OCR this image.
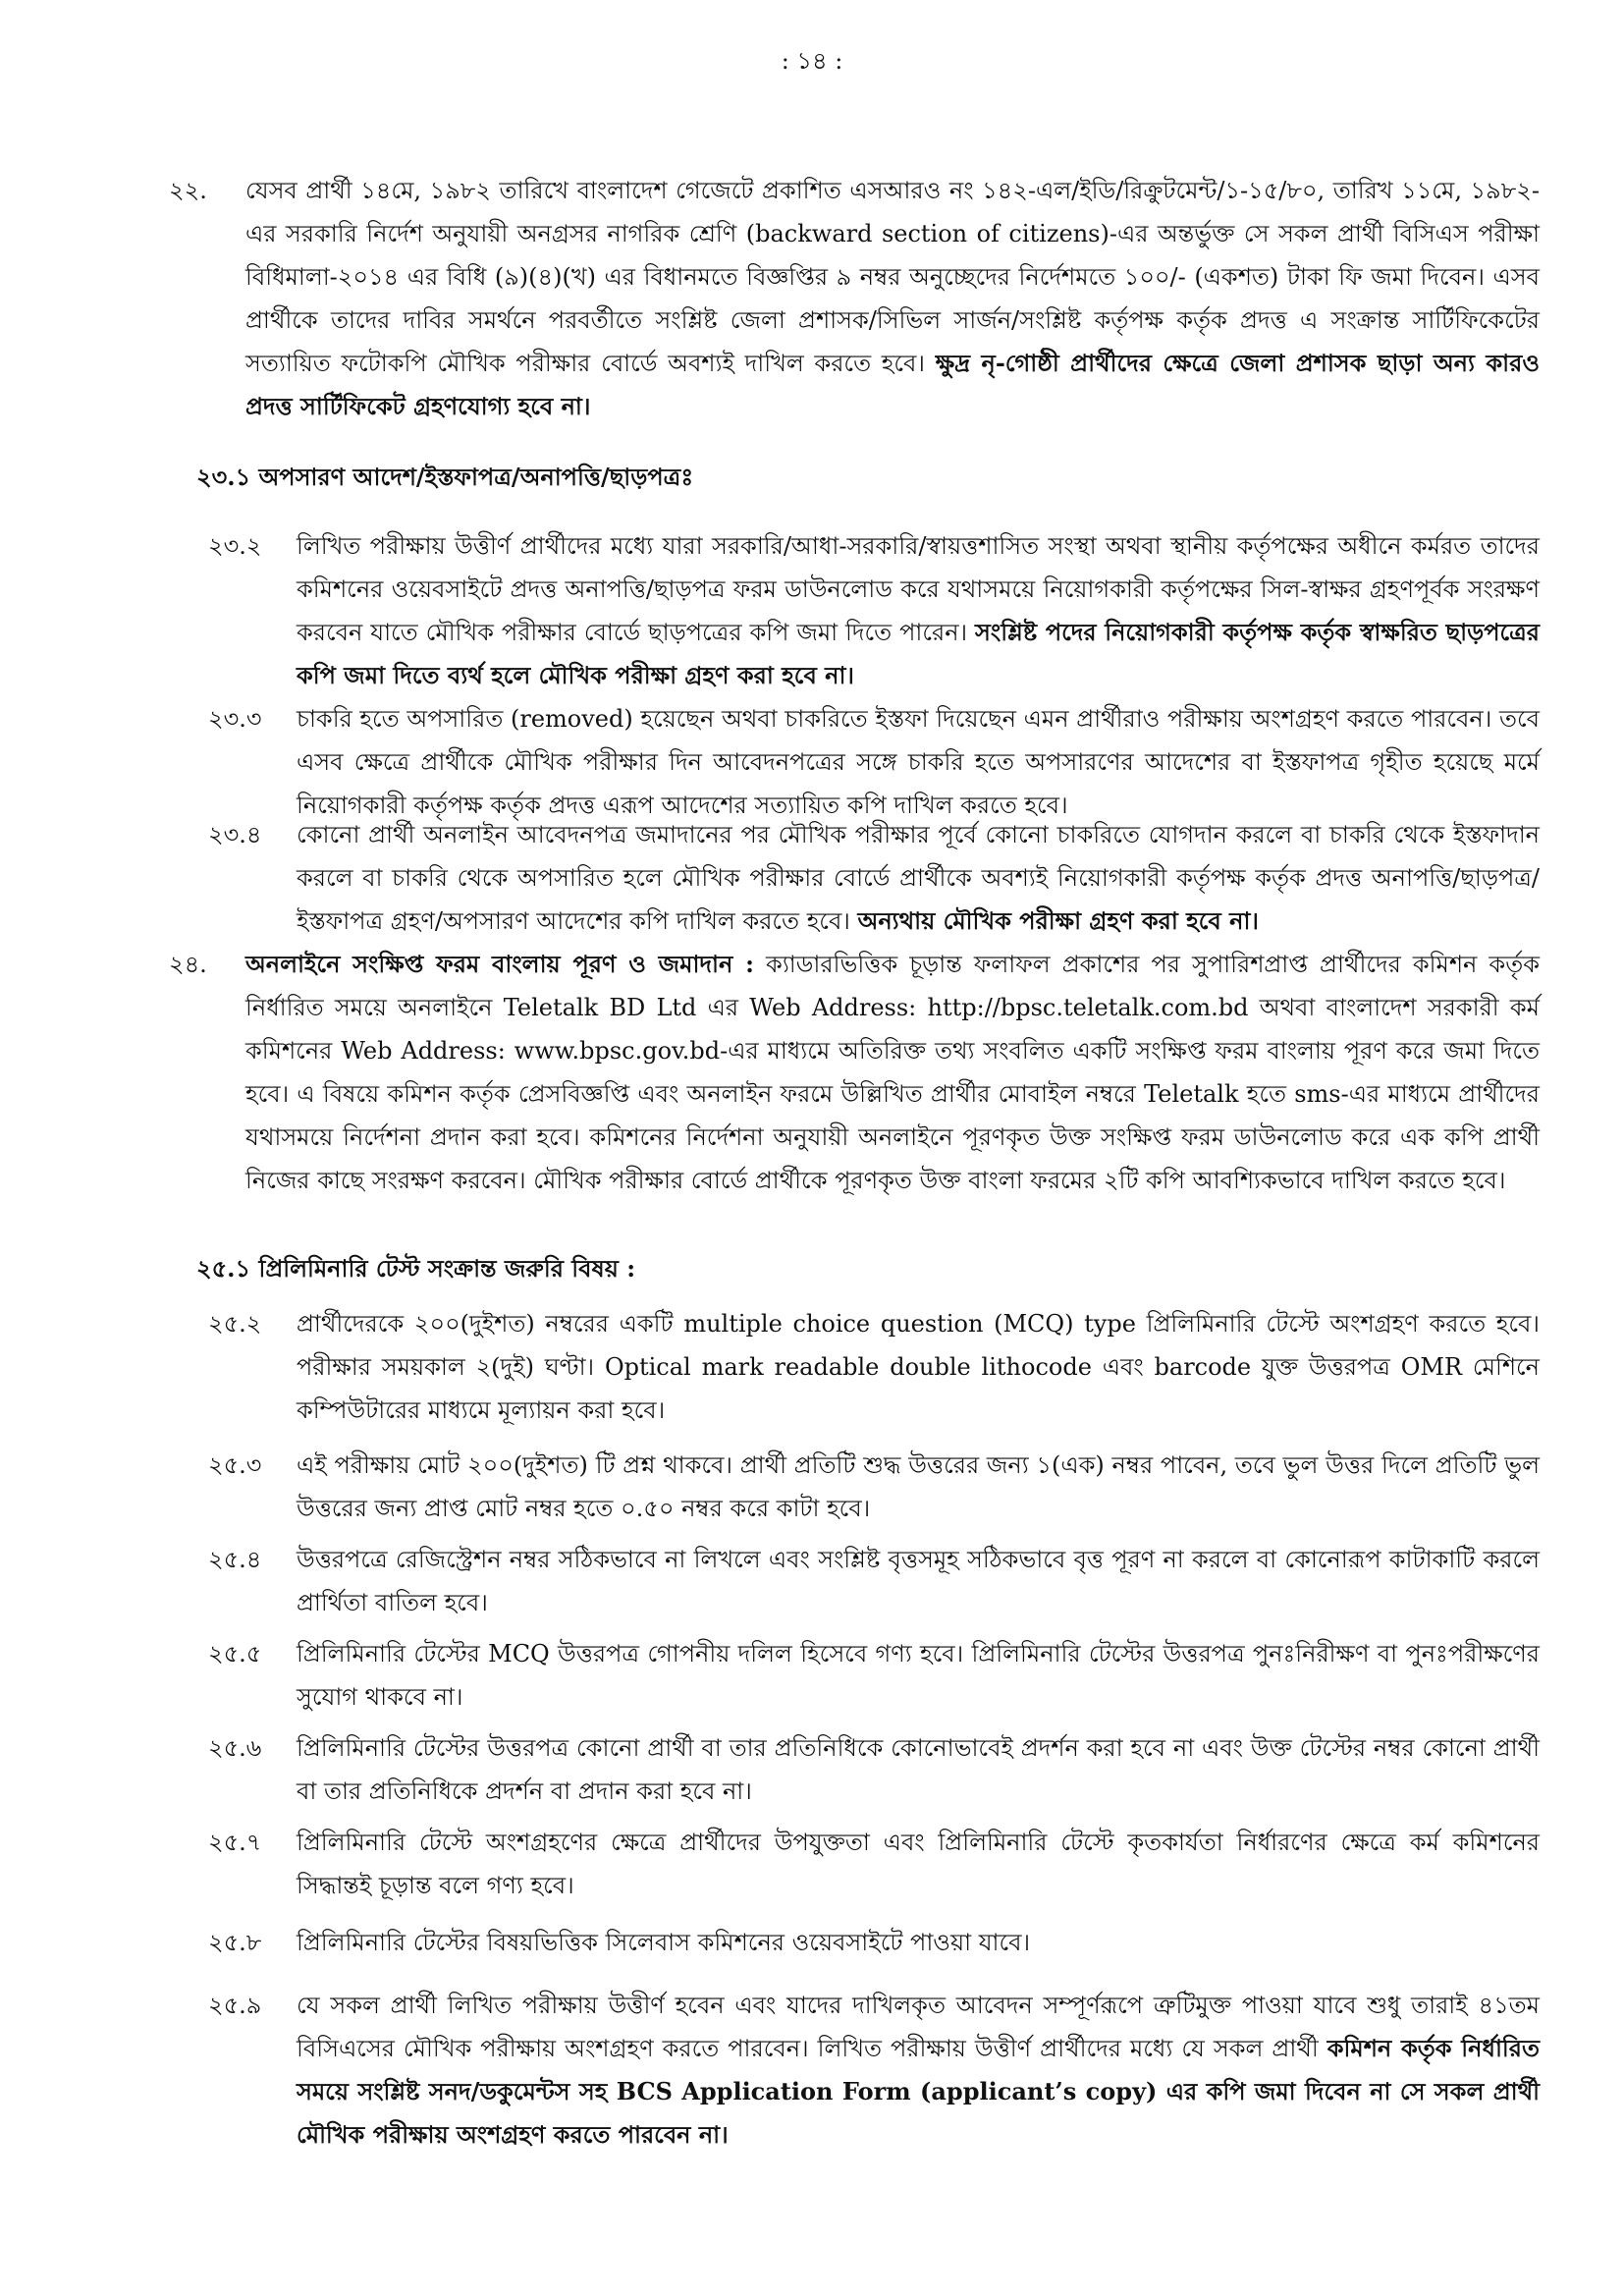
: ১৪ :
২২. যেসব প্রার্থী ১৪মে, ১৯৮২ তারিখে বাংলাদেশ গেজেটে প্রকাশিত এসআরও নং ১৪২-এল/ইডি/রিক্রুটমেন্ট/১-১৫/৮০, তারিখ ১১মে, ১৯৮২-এর সরকারি নির্দেশ অনুযায়ী অনগ্রসর নাগরিক শ্রেণি (backward section of citizens)-এর অন্তর্ভুক্ত সে সকল প্রার্থী বিসিএস পরীক্ষা বিধিমালা-২০১৪ এর বিধি (৯)(৪)(খ) এর বিধানমতে বিজ্ঞপ্তির ৯ নম্বর অনুচ্ছেদের নির্দেশমতে ১০০/- (একশত) টাকা ফি জমা দিবেন। এসব প্রার্থীকে তাদের দাবির সমর্থনে পরবর্তীতে সংশ্লিষ্ট জেলা প্রশাসক/সিভিল সার্জন/সংশ্লিষ্ট কর্তৃপক্ষ কর্তৃক প্রদত্ত এ সংক্রান্ত সার্টিফিকেটের সত্যায়িত ফটোকপি মৌখিক পরীক্ষার বোর্ডে অবশ্যই দাখিল করতে হবে। ক্ষুদ্র নৃ-গোষ্ঠী প্রার্থীদের ক্ষেত্রে জেলা প্রশাসক ছাড়া অন্য কারও প্রদত্ত সার্টিফিকেট গ্রহণযোগ্য হবে না।
২৩.১ অপসারণ আদেশ/ইস্তফাপত্র/অনাপত্তি/ছাড়পত্রঃ
২৩.২ লিখিত পরীক্ষায় উত্তীর্ণ প্রার্থীদের মধ্যে যারা সরকারি/আধা-সরকারি/স্বায়ত্তশাসিত সংস্থা অথবা স্থানীয় কর্তৃপক্ষের অধীনে কর্মরত তাদের কমিশনের ওয়েবসাইটে প্রদত্ত অনাপত্তি/ছাড়পত্র ফরম ডাউনলোড করে যথাসময়ে নিয়োগকারী কর্তৃপক্ষের সিল-স্বাক্ষর গ্রহণপূর্বক সংরক্ষণ করবেন যাতে মৌখিক পরীক্ষার বোর্ডে ছাড়পত্রের কপি জমা দিতে পারেন। সংশ্লিষ্ট পদের নিয়োগকারী কর্তৃপক্ষ কর্তৃক স্বাক্ষরিত ছাড়পত্রের কপি জমা দিতে ব্যর্থ হলে মৌখিক পরীক্ষা গ্রহণ করা হবে না।
২৩.৩ চাকরি হতে অপসারিত (removed) হয়েছেন অথবা চাকরিতে ইস্তফা দিয়েছেন এমন প্রার্থীরাও পরীক্ষায় অংশগ্রহণ করতে পারবেন। তবে এসব ক্ষেত্রে প্রার্থীকে মৌখিক পরীক্ষার দিন আবেদনপত্রের সঙ্গে চাকরি হতে অপসারণের আদেশের বা ইস্তফাপত্র গৃহীত হয়েছে মর্মে নিয়োগকারী কর্তৃপক্ষ কর্তৃক প্রদত্ত এরূপ আদেশের সত্যায়িত কপি দাখিল করতে হবে।
২৩.৪ কোনো প্রার্থী অনলাইন আবেদনপত্র জমাদানের পর মৌখিক পরীক্ষার পূর্বে কোনো চাকরিতে যোগদান করলে বা চাকরি থেকে ইস্তফাদান করলে বা চাকরি থেকে অপসারিত হলে মৌখিক পরীক্ষার বোর্ডে প্রার্থীকে অবশ্যই নিয়োগকারী কর্তৃপক্ষ কর্তৃক প্রদত্ত অনাপত্তি/ছাড়পত্র/ইস্তফাপত্র গ্রহণ/অপসারণ আদেশের কপি দাখিল করতে হবে। অন্যথায় মৌখিক পরীক্ষা গ্রহণ করা হবে না।
২৪. অনলাইনে সংক্ষিপ্ত ফরম বাংলায় পূরণ ও জমাদান : ক্যাডারভিত্তিক চূড়ান্ত ফলাফল প্রকাশের পর সুপারিশপ্রাপ্ত প্রার্থীদের কমিশন কর্তৃক নির্ধারিত সময়ে অনলাইনে Teletalk BD Ltd এর Web Address: http://bpsc.teletalk.com.bd অথবা বাংলাদেশ সরকারী কর্ম কমিশনের Web Address: www.bpsc.gov.bd-এর মাধ্যমে অতিরিক্ত তথ্য সংবলিত একটি সংক্ষিপ্ত ফরম বাংলায় পূরণ করে জমা দিতে হবে। এ বিষয়ে কমিশন কর্তৃক প্রেসবিজ্ঞপ্তি এবং অনলাইন ফরমে উল্লিখিত প্রার্থীর মোবাইল নম্বরে Teletalk হতে sms-এর মাধ্যমে প্রার্থীদের যথাসময়ে নির্দেশনা প্রদান করা হবে। কমিশনের নির্দেশনা অনুযায়ী অনলাইনে পূরণকৃত উক্ত সংক্ষিপ্ত ফরম ডাউনলোড করে এক কপি প্রার্থী নিজের কাছে সংরক্ষণ করবেন। মৌখিক পরীক্ষার বোর্ডে প্রার্থীকে পূরণকৃত উক্ত বাংলা ফরমের ২টি কপি আবশ্যিকভাবে দাখিল করতে হবে।
২৫.১ প্রিলিমিনারি টেস্ট সংক্রান্ত জরুরি বিষয় :
২৫.২ প্রার্থীদেরকে ২০০(দুইশত) নম্বরের একটি multiple choice question (MCQ) type প্রিলিমিনারি টেস্টে অংশগ্রহণ করতে হবে। পরীক্ষার সময়কাল ২(দুই) ঘণ্টা। Optical mark readable double lithocode এবং barcode যুক্ত উত্তরপত্র OMR মেশিনে কম্পিউটারের মাধ্যমে মূল্যায়ন করা হবে।
২৫.৩ এই পরীক্ষায় মোট ২০০(দুইশত) টি প্রশ্ন থাকবে। প্রার্থী প্রতিটি শুদ্ধ উত্তরের জন্য ১(এক) নম্বর পাবেন, তবে ভুল উত্তর দিলে প্রতিটি ভুল উত্তরের জন্য প্রাপ্ত মোট নম্বর হতে ০.৫০ নম্বর করে কাটা হবে।
২৫.৪ উত্তরপত্রে রেজিস্ট্রেশন নম্বর সঠিকভাবে না লিখলে এবং সংশ্লিষ্ট বৃত্তসমূহ সঠিকভাবে বৃত্ত পূরণ না করলে বা কোনোরূপ কাটাকাটি করলে প্রার্থিতা বাতিল হবে।
২৫.৫ প্রিলিমিনারি টেস্টের MCQ উত্তরপত্র গোপনীয় দলিল হিসেবে গণ্য হবে। প্রিলিমিনারি টেস্টের উত্তরপত্র পুনঃনিরীক্ষণ বা পুনঃপরীক্ষণের সুযোগ থাকবে না।
২৫.৬ প্রিলিমিনারি টেস্টের উত্তরপত্র কোনো প্রার্থী বা তার প্রতিনিধিকে কোনোভাবেই প্রদর্শন করা হবে না এবং উক্ত টেস্টের নম্বর কোনো প্রার্থী বা তার প্রতিনিধিকে প্রদর্শন বা প্রদান করা হবে না।
২৫.৭ প্রিলিমিনারি টেস্টে অংশগ্রহণের ক্ষেত্রে প্রার্থীদের উপযুক্ততা এবং প্রিলিমিনারি টেস্টে কৃতকার্যতা নির্ধারণের ক্ষেত্রে কর্ম কমিশনের সিদ্ধান্তই চূড়ান্ত বলে গণ্য হবে।
২৫.৮ প্রিলিমিনারি টেস্টের বিষয়ভিত্তিক সিলেবাস কমিশনের ওয়েবসাইটে পাওয়া যাবে।
২৫.৯ যে সকল প্রার্থী লিখিত পরীক্ষায় উত্তীর্ণ হবেন এবং যাদের দাখিলকৃত আবেদন সম্পূর্ণরূপে ত্রুটিমুক্ত পাওয়া যাবে শুধু তারাই ৪১তম বিসিএসের মৌখিক পরীক্ষায় অংশগ্রহণ করতে পারবেন। লিখিত পরীক্ষায় উত্তীর্ণ প্রার্থীদের মধ্যে যে সকল প্রার্থী কমিশন কর্তৃক নির্ধারিত সময়ে সংশ্লিষ্ট সনদ/ডকুমেন্টস সহ BCS Application Form (applicant’s copy) এর কপি জমা দিবেন না সে সকল প্রার্থী মৌখিক পরীক্ষায় অংশগ্রহণ করতে পারবেন না।
